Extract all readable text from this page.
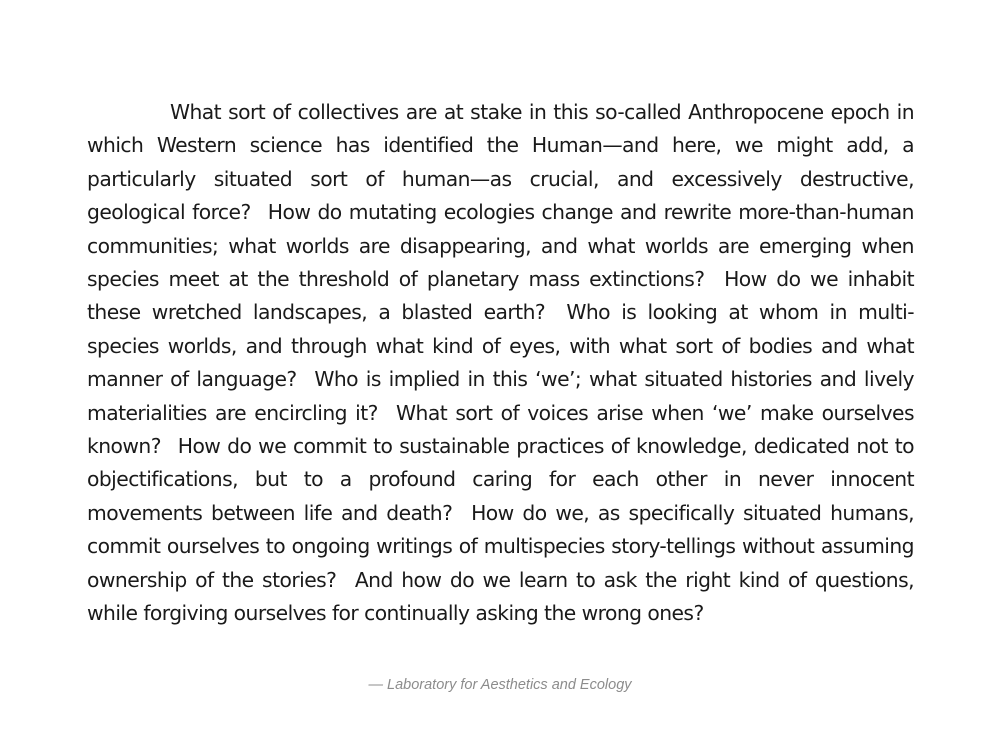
What sort of collectives are at stake in this so-called Anthropocene epoch in which Western science has identified the Human—and here, we might add, a particularly situated sort of human—as crucial, and excessively destructive, geological force? How do mutating ecologies change and rewrite more-than-human communities; what worlds are disappearing, and what worlds are emerging when species meet at the threshold of planetary mass extinctions? How do we inhabit these wretched landscapes, a blasted earth? Who is looking at whom in multi-species worlds, and through what kind of eyes, with what sort of bodies and what manner of language? Who is implied in this ‘we’; what situated histories and lively materialities are encircling it? What sort of voices arise when ‘we’ make ourselves known? How do we commit to sustainable practices of knowledge, dedicated not to objectifications, but to a profound caring for each other in never innocent movements between life and death? How do we, as specifically situated humans, commit ourselves to ongoing writings of multispecies story-tellings without assuming ownership of the stories? And how do we learn to ask the right kind of questions, while forgiving ourselves for continually asking the wrong ones?

— Laboratory for Aesthetics and Ecology
